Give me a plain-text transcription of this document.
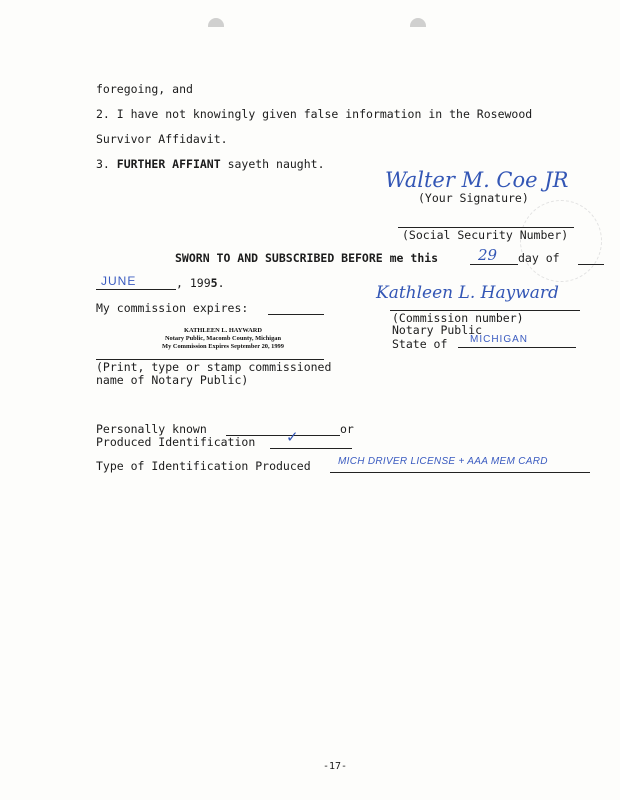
foregoing, and
2. I have not knowingly given false information in the Rosewood
Survivor Affidavit.
3. FURTHER AFFIANT sayeth naught.
Walter M. Coe JR
(Your Signature)
(Social Security Number)
SWORN TO AND SUBSCRIBED BEFORE me this	29 day of
JUNE	, 1995.
My commission expires:
Kathleen L. Hayward
(Commission number)
Notary Public
State of MICHIGAN
KATHLEEN L. HAYWARD
Notary Public, Macomb County, Michigan
My Commission Expires September 20, 1999
(Print, type or stamp commissioned
name of Notary Public)
Personally known	or
Produced Identification ✓
Type of Identification Produced	MICH DRIVER LICENSE + AAA MEM CARD
-17-
